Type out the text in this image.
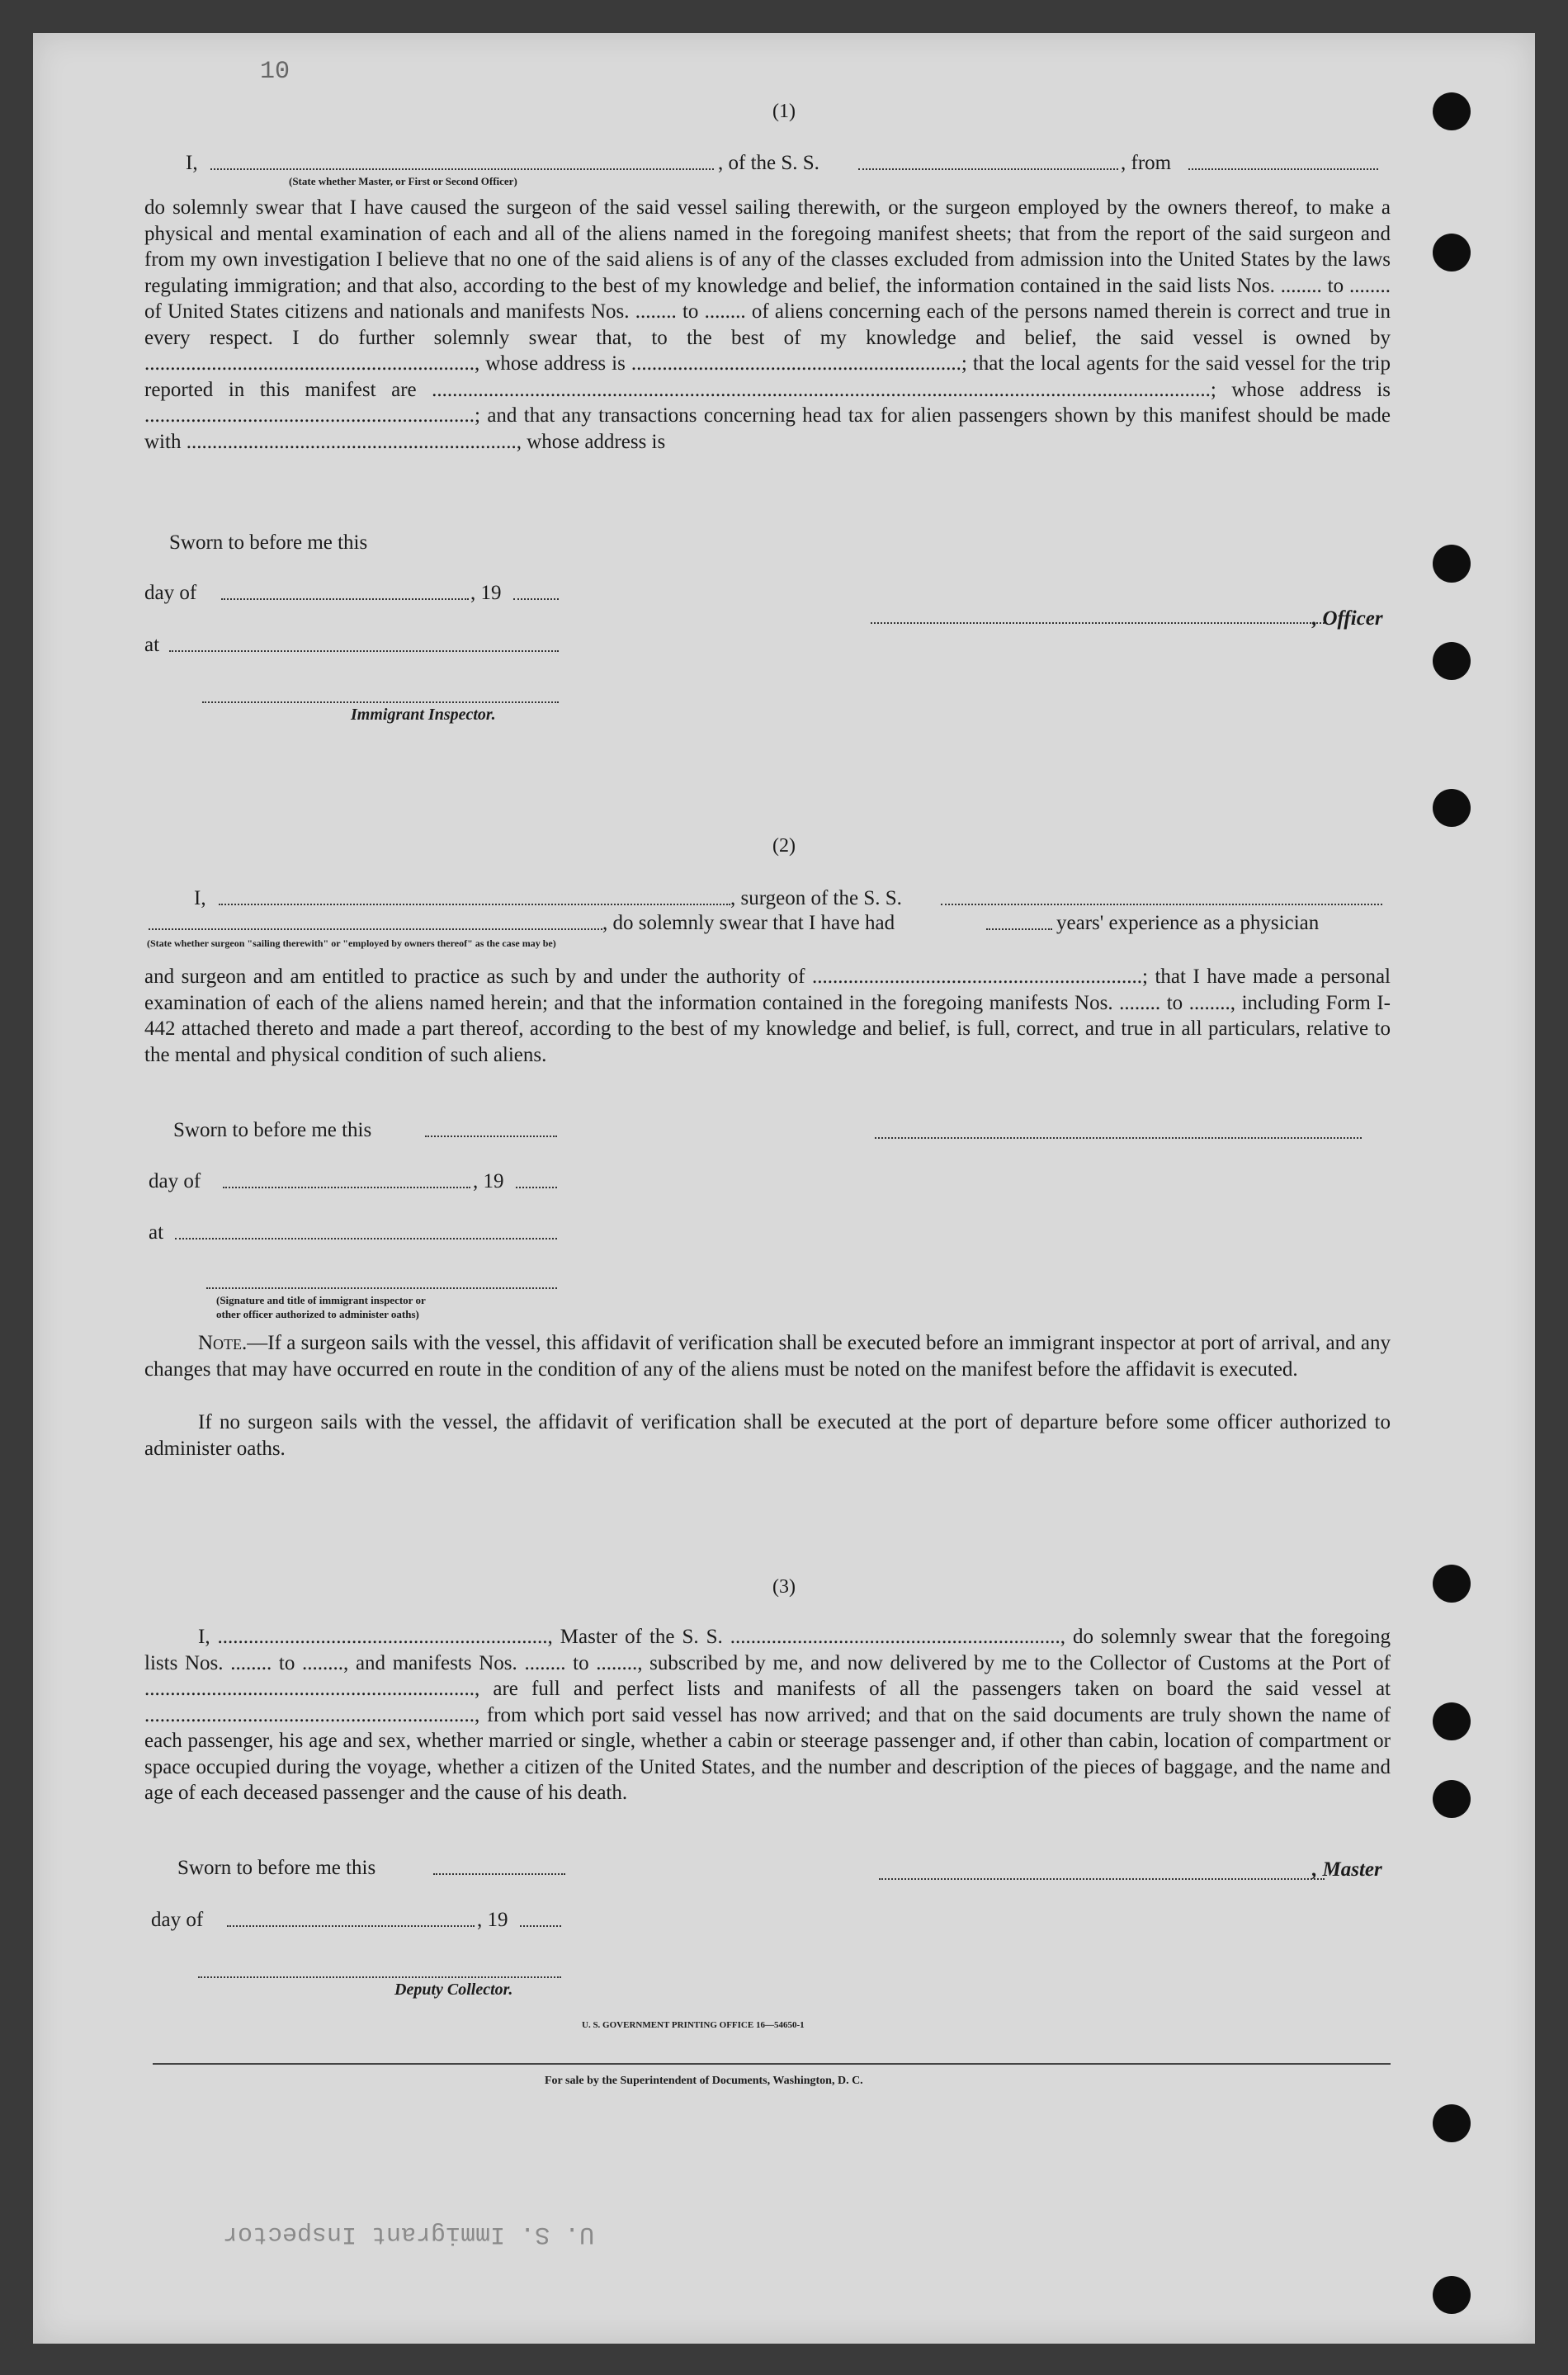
10
U. S. Immigrant Inspector
(1)
I,	, of the S. S.	, from
(State whether Master, or First or Second Officer)
do solemnly swear that I have caused the surgeon of the said vessel sailing therewith, or the surgeon employed by the owners thereof, to make a physical and mental examination of each and all of the aliens named in the foregoing manifest sheets; that from the report of the said surgeon and from my own investigation I believe that no one of the said aliens is of any of the classes excluded from admission into the United States by the laws regulating immigration; and that also, according to the best of my knowledge and belief, the information contained in the said lists Nos. ........ to ........ of United States citizens and nationals and manifests Nos. ........ to ........ of aliens concerning each of the persons named therein is correct and true in every respect. I do further solemnly swear that, to the best of my knowledge and belief, the said vessel is owned by ................................................................, whose address is ................................................................; that the local agents for the said vessel for the trip reported in this manifest are .......................................................................................................................................................; whose address is ................................................................; and that any transactions concerning head tax for alien passengers shown by this manifest should be made with ................................................................, whose address is
Sworn to before me this
day of	, 19
at
Immigrant Inspector.
, Officer
(2)
I,	, surgeon of the S. S.
, do solemnly swear that I have had	years' experience as a physician
(State whether surgeon "sailing therewith" or "employed by owners thereof" as the case may be)
and surgeon and am entitled to practice as such by and under the authority of ................................................................; that I have made a personal examination of each of the aliens named herein; and that the information contained in the foregoing manifests Nos. ........ to ........, including Form I-442 attached thereto and made a part thereof, according to the best of my knowledge and belief, is full, correct, and true in all particulars, relative to the mental and physical condition of such aliens.
Sworn to before me this
day of	, 19
at
(Signature and title of immigrant inspector or
other officer authorized to administer oaths)
Note.—If a surgeon sails with the vessel, this affidavit of verification shall be executed before an immigrant inspector at port of arrival, and any changes that may have occurred en route in the condition of any of the aliens must be noted on the manifest before the affidavit is executed.
If no surgeon sails with the vessel, the affidavit of verification shall be executed at the port of departure before some officer authorized to administer oaths.
(3)
I, ................................................................, Master of the S. S. ................................................................, do solemnly swear that the foregoing lists Nos. ........ to ........, and manifests Nos. ........ to ........, subscribed by me, and now delivered by me to the Collector of Customs at the Port of ................................................................, are full and perfect lists and manifests of all the passengers taken on board the said vessel at ................................................................, from which port said vessel has now arrived; and that on the said documents are truly shown the name of each passenger, his age and sex, whether married or single, whether a cabin or steerage passenger and, if other than cabin, location of compartment or space occupied during the voyage, whether a citizen of the United States, and the number and description of the pieces of baggage, and the name and age of each deceased passenger and the cause of his death.
Sworn to before me this	, Master
day of	, 19
Deputy Collector.
U. S. GOVERNMENT PRINTING OFFICE 16—54650-1
For sale by the Superintendent of Documents, Washington, D. C.
